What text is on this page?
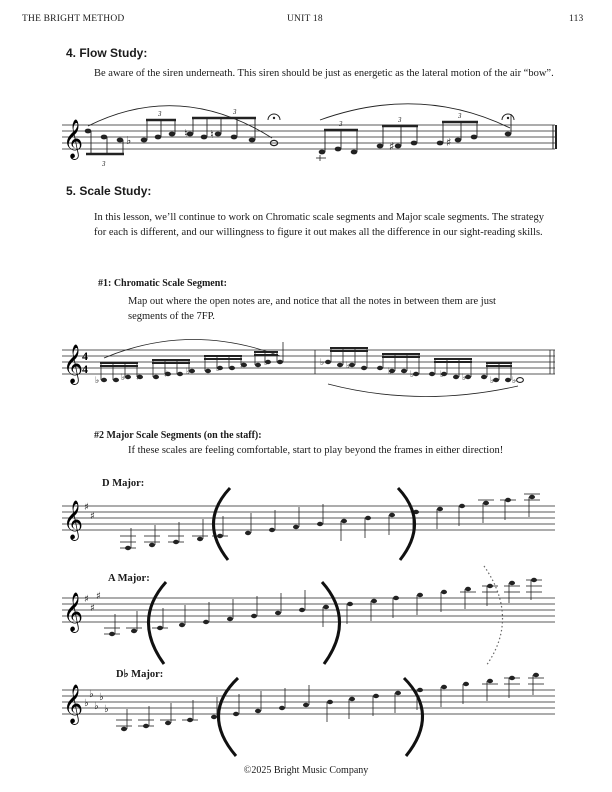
THE BRIGHT METHOD	UNIT 18	113
4. Flow Study:
Be aware of the siren underneath. This siren should be just as energetic as the lateral motion of the air “bow”.
𝄞	♭
♮ ♮
♯	♯
3
3	3
3	3	3
5. Scale Study:
In this lesson, we’ll continue to work on Chromatic scale segments and Major scale segments. The strategy for each is different, and our willingness to figure it out makes all the difference in our sight-reading skills.
#1: Chromatic Scale Segment:
Map out where the open notes are, and notice that all the notes in between them are just segments of the 7FP.
𝄞
4
4
♭ ♭ ♯	♯ ♭	♭ ♯ ♭	♭ ♭
♭ ♭	♭ ♭	♭ ♭
#2 Major Scale Segments (on the staff):
If these scales are feeling comfortable, start to play beyond the frames in either direction!
D Major:
𝄞 ♯
♯
A Major:
𝄞 ♯
♯
♯
D♭ Major:
𝄞 ♭
♭
♭
♭
♭
©2025 Bright Music Company
